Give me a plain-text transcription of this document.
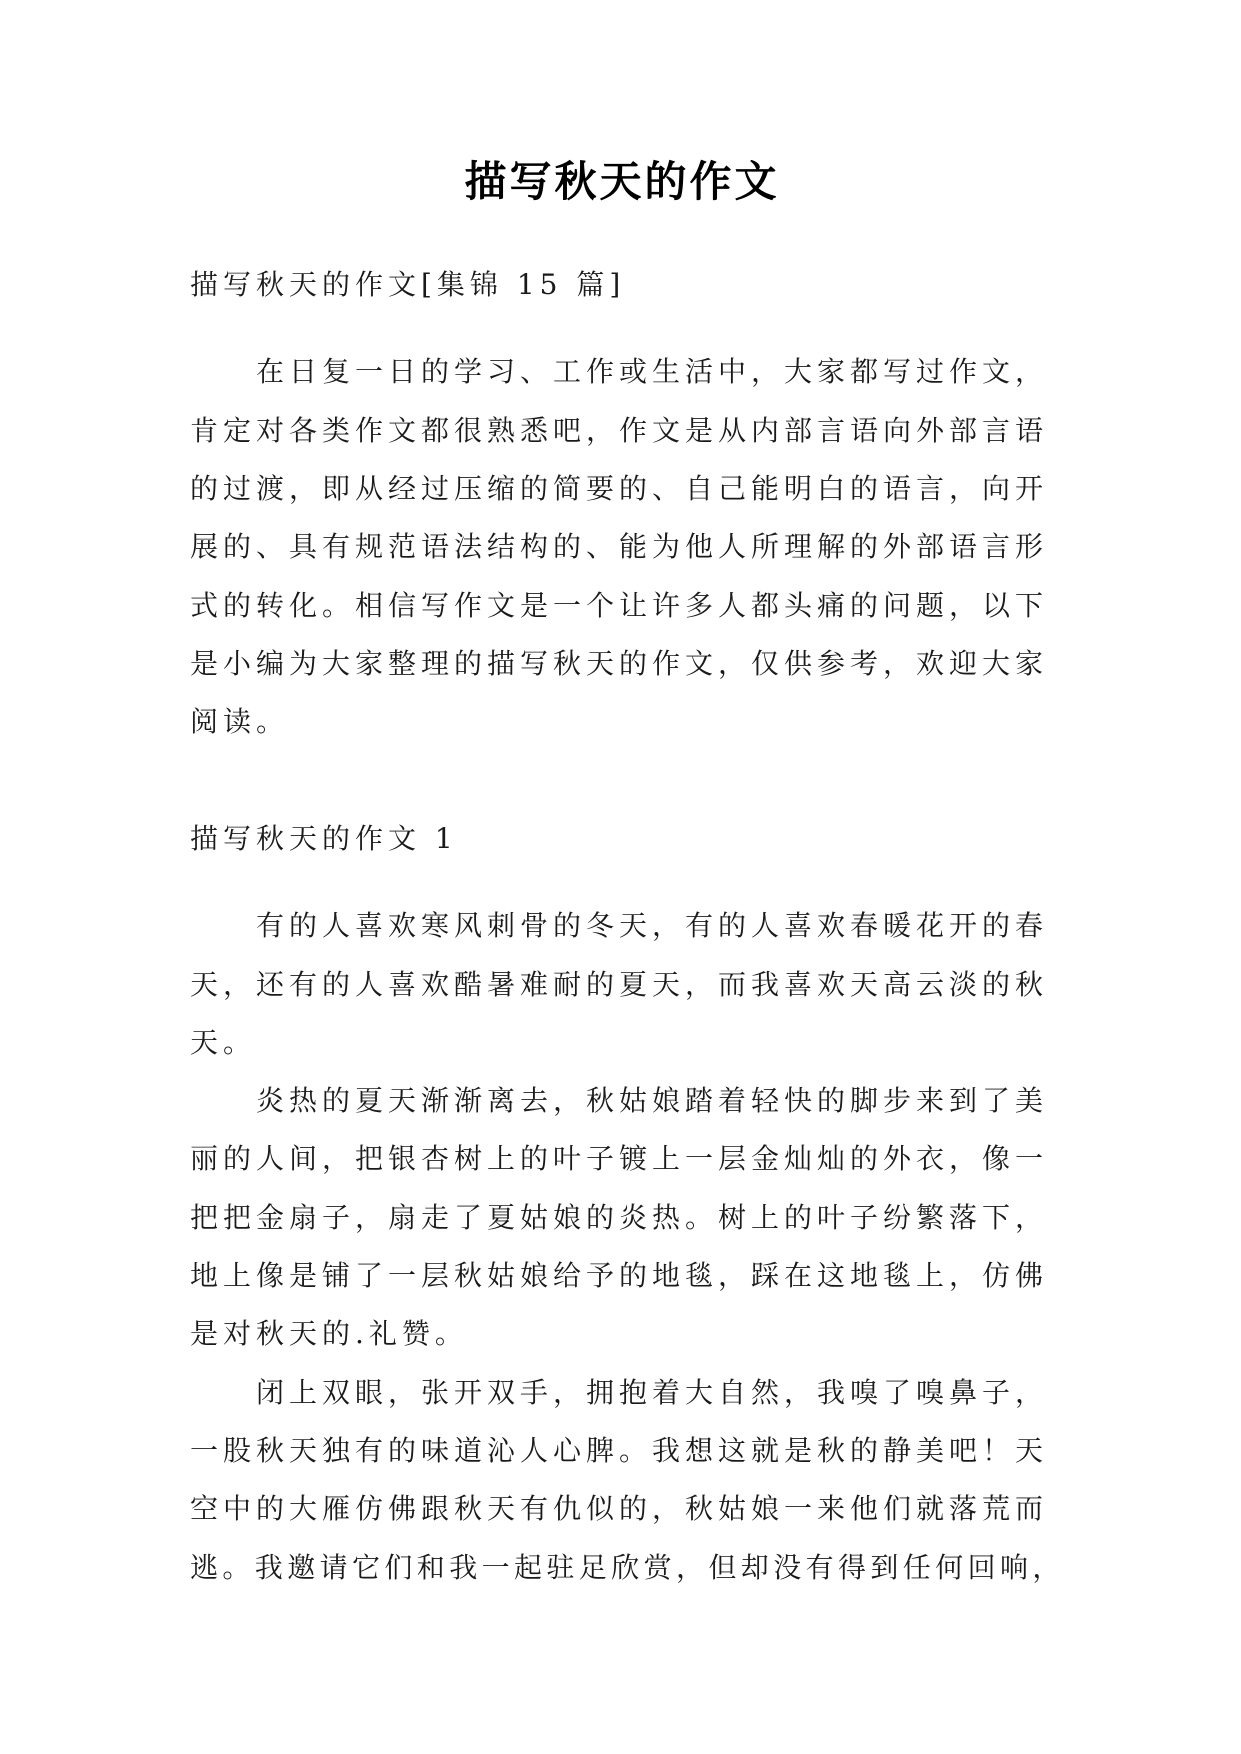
描写秋天的作文
描写秋天的作文[集锦 15 篇]
在日复一日的学习、工作或生活中，大家都写过作文，
肯定对各类作文都很熟悉吧，作文是从内部言语向外部言语
的过渡，即从经过压缩的简要的、自己能明白的语言，向开
展的、具有规范语法结构的、能为他人所理解的外部语言形
式的转化。相信写作文是一个让许多人都头痛的问题，以下
是小编为大家整理的描写秋天的作文，仅供参考，欢迎大家
阅读。
描写秋天的作文 1
有的人喜欢寒风刺骨的冬天，有的人喜欢春暖花开的春
天，还有的人喜欢酷暑难耐的夏天，而我喜欢天高云淡的秋
天。
炎热的夏天渐渐离去，秋姑娘踏着轻快的脚步来到了美
丽的人间，把银杏树上的叶子镀上一层金灿灿的外衣，像一
把把金扇子，扇走了夏姑娘的炎热。树上的叶子纷繁落下，
地上像是铺了一层秋姑娘给予的地毯，踩在这地毯上，仿佛
是对秋天的.礼赞。
闭上双眼，张开双手，拥抱着大自然，我嗅了嗅鼻子，
一股秋天独有的味道沁人心脾。我想这就是秋的静美吧！天
空中的大雁仿佛跟秋天有仇似的，秋姑娘一来他们就落荒而
逃。我邀请它们和我一起驻足欣赏，但却没有得到任何回响，
